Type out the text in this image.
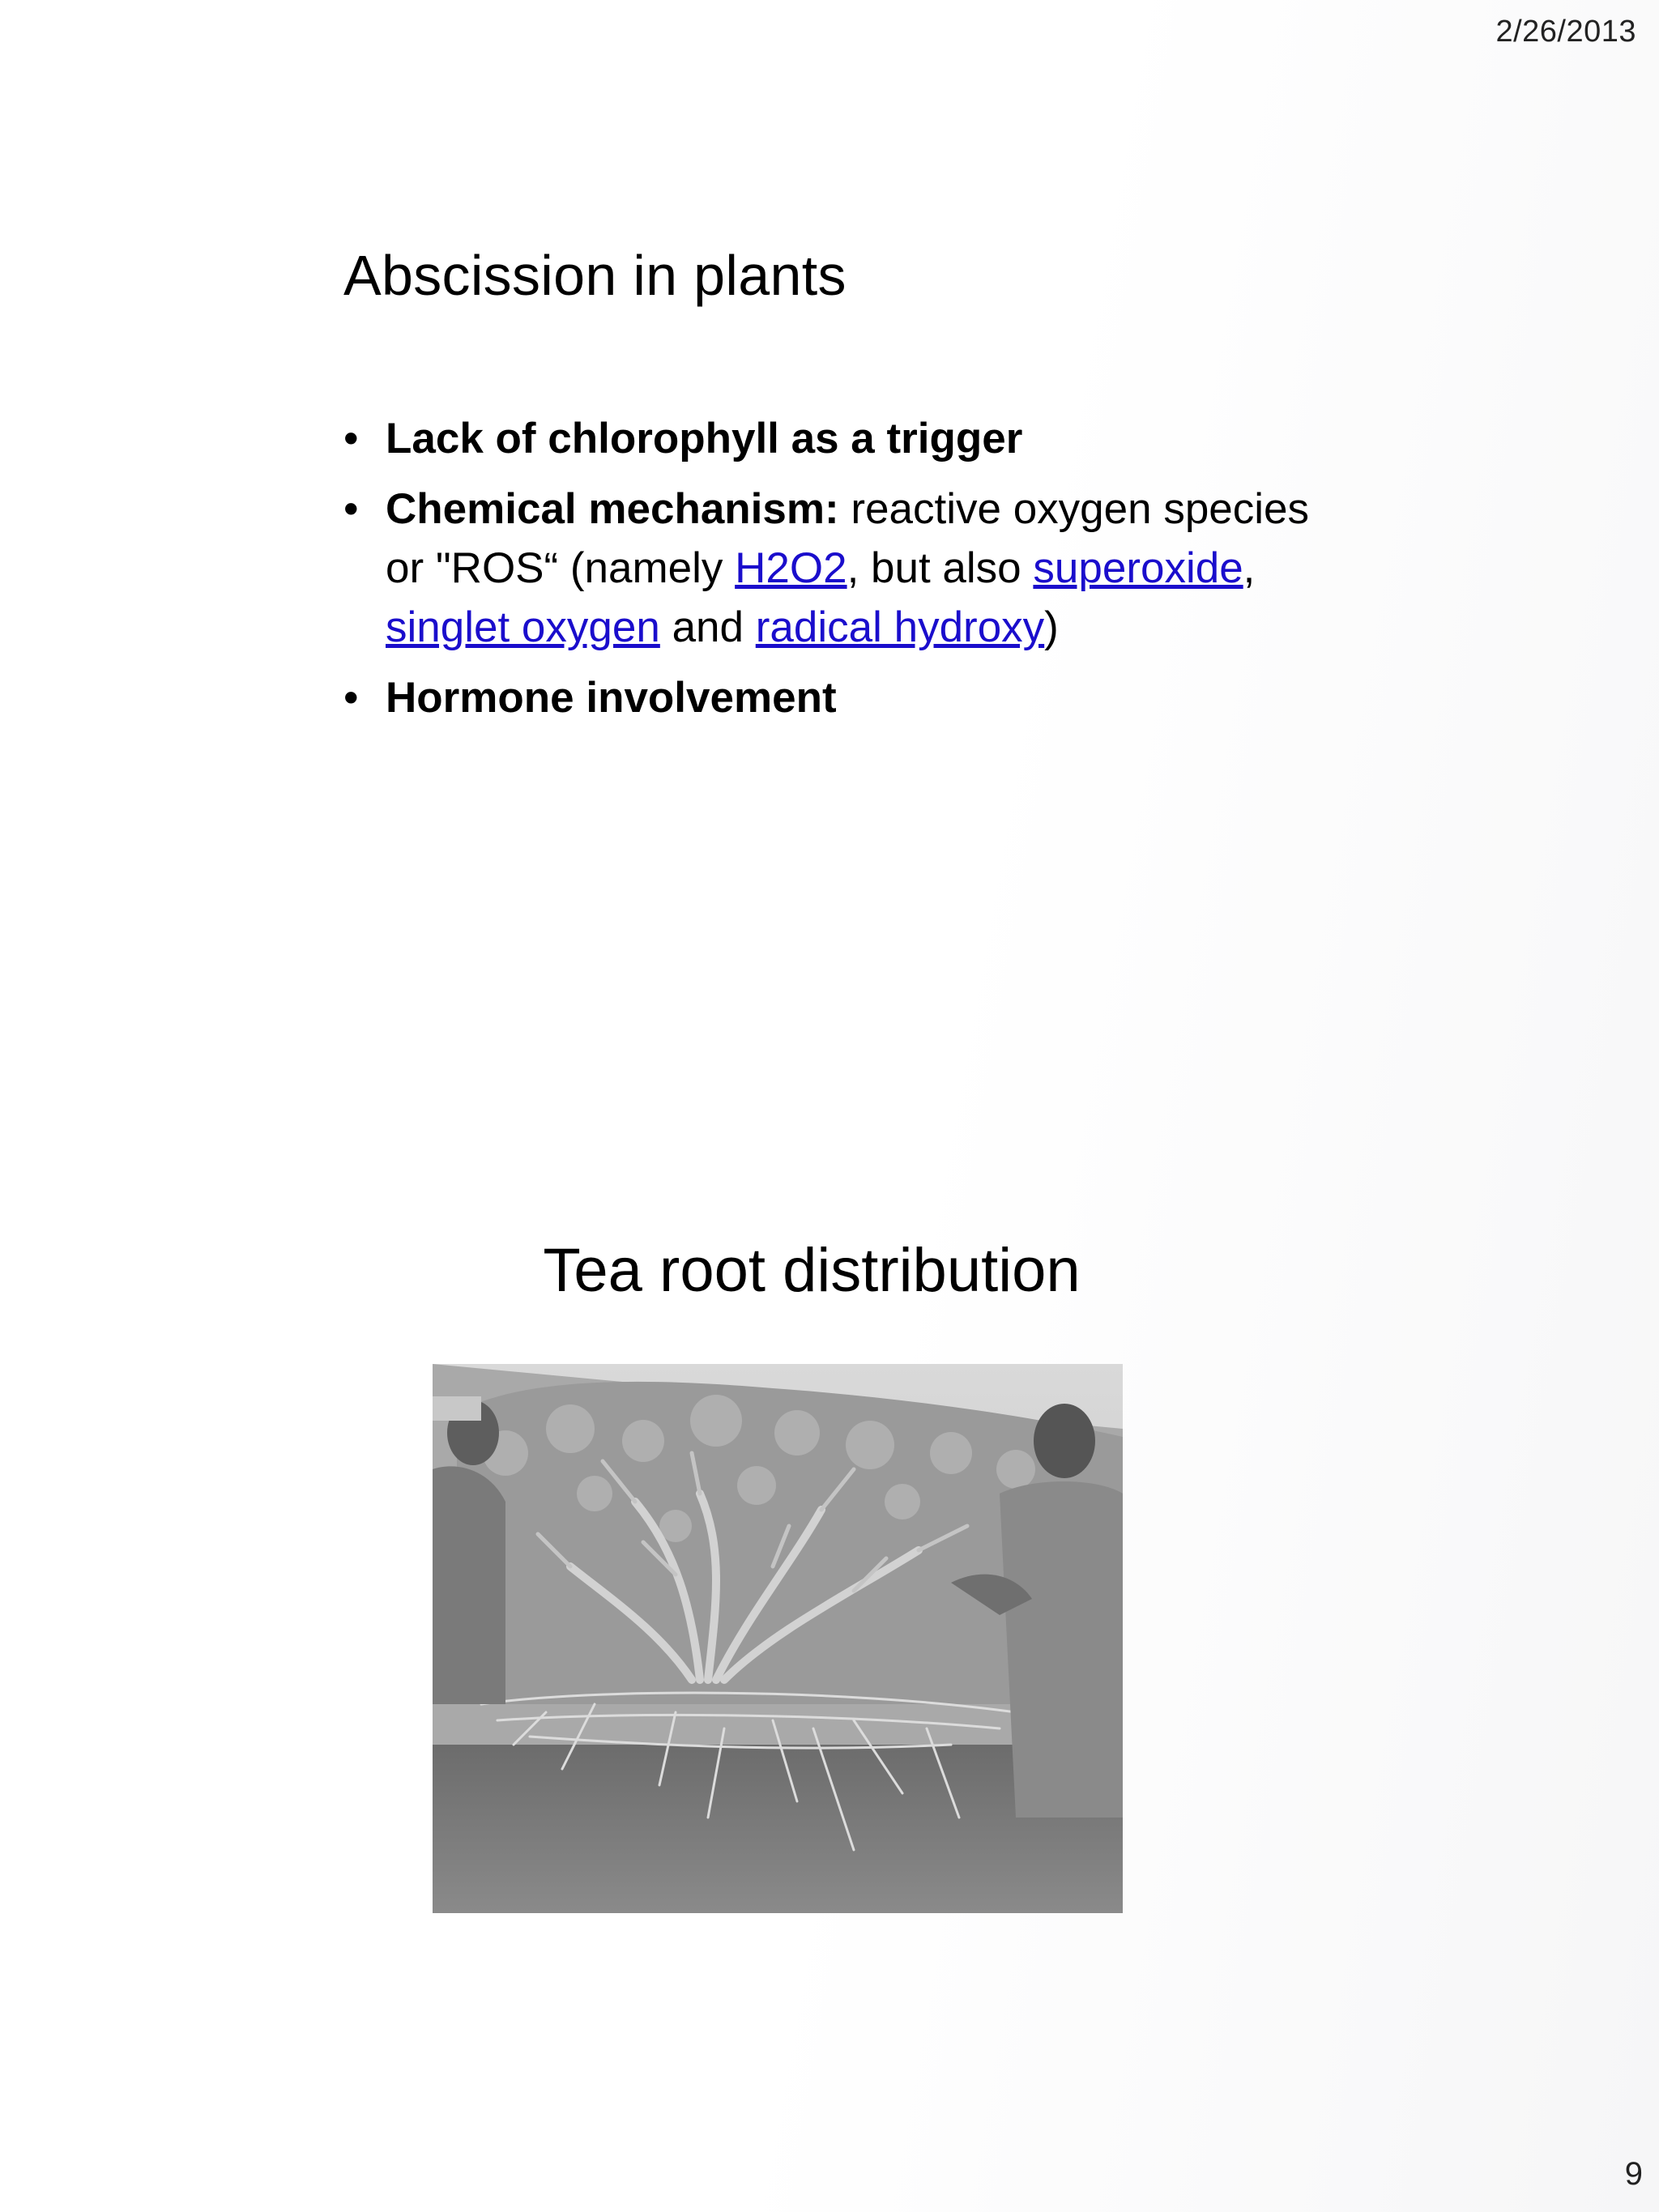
2/26/2013
Abscission in plants
• Lack of chlorophyll as a trigger
• Chemical mechanism: reactive oxygen species or "ROS“ (namely H2O2, but also superoxide, singlet oxygen and radical hydroxy)
• Hormone involvement
Tea root distribution
9
